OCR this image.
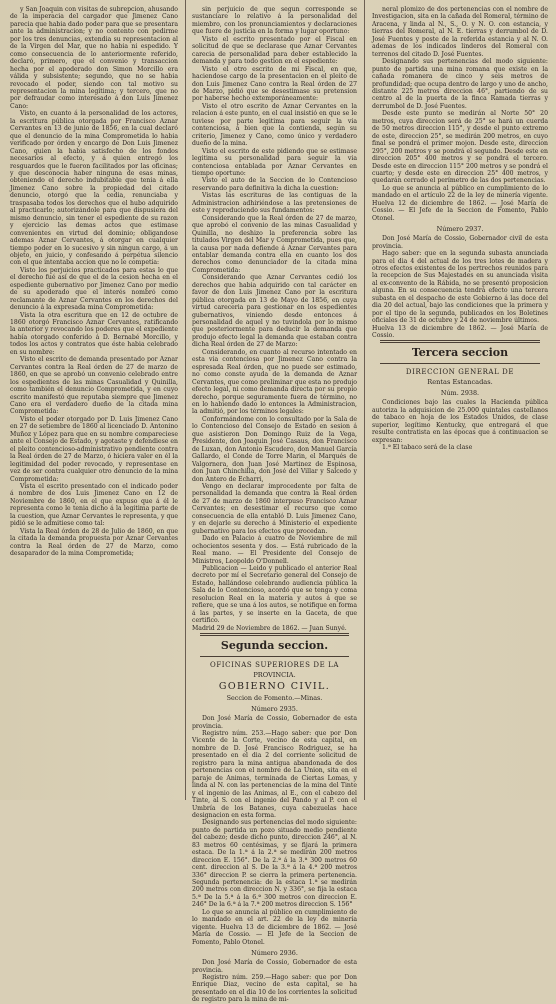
y San Joaquin con visitas de subrepcion, ahusando de la imperacia del cargador que Jimenez Cano parecia que habia dado poder para que se presentara ante la administracion; y no contento con pedirme por los tres denuncias, extendia su representacion al de la Virgen del Mar, que no habia ni espedido. Y como consecuencia de lo anteriormente referido, declaró, primero, que el convenio y transaccion hecha por el apoderado don Simon Morcillo era válida y subsistente; segundo, que no se habia revocado el poder, siendo con tal motivo su representacion la mina legítima; y tercero, que no por defraudar como interesado á don Luis Jimenez Cano:

Visto, en cuanto á la personalidad de los actores, la escritura pública otorgada por Francisco Aznar Cervantes en 13 de junio de 1856, en la cual declaró que el denuncio de la mina Comprometida lo habia verificado por órden y encargo de Don Luis Jimenez Cano, quien la habia satisfecho de los fondos necesarios al efecto, y á quien entregó los resguardos que le fueron facilitados por las oficinas; y que desconocia haber ninguna de esas minas, obteniendo el derecho indubitable que tenia á ella Jimenez Cano sobre la propiedad del citado denuncio, otorgó que la cedia, renunciaba y traspasaba todos los derechos que el hubo adquirido al practicarlo; autorizándole para que dispusiera del mismo denuncio, sin tener el espediente de su razon y ejercicio las demas actos que estimase convenientes en virtud del dominio; obligandose ademas Aznar Cervantes, á otorgar en cualquier tiempo poder en lo sucesivo y sin ningun cargo, á un objeto, en juicio, y confesando á perpétua silencio con el que intentaba accion que no le competia:

Visto los perjuicios practicados para estas lo que el derecho fué así de que el de la cesion hecha en el espediente gubernativo por Jimenez Cano por medio de su apoderado que el interés nombró como reclamante de Aznar Cervantes en los derechos del denuncio á la expresada mina Comprometida:

Vista la otra escritura que en 12 de octubre de 1860 otorgó Francisco Aznar Cervantes, ratificando la anterior y revocando los poderes que el expediente había otorgado conferido á D. Bernabé Morcillo, y todos los actos y contratos que éste habia celebrado en su nombre:

Visto el escrito de demanda presentado por Aznar Cervantes contra la Real órden de 27 de marzo de 1860, en que se aprobó un convenio celebrado entre los espedientes de las minas Casualidad y Quinilla, como también el denuncio Comprometida, y en cuyo escrito manifestó que reputaba siempre que Jimenez Cano era el verdadero dueño de la citada mina Comprometida:

Visto el poder otorgado por D. Luis Jimenez Cano en 27 de setiembre de 1860 al licenciado D. Antonino Muñoz y López para que en su nombre compareciese ante el Consejo de Estado, y agotaste y defendiese en el pleito contencioso-administrativo pendiente contra la Real órden de 27 de Marzo, ó hiciera valer en él la legitimidad del poder revocado, y representase en vez de ser contra cualquier otro denuncio de la mina Comprometida:

Vista el escrito presentado con el indicado poder á nombre de dos Luis Jimenez Cano en 12 de Noviembre de 1860, en el que expuso que á él le representa como le tenia dicho á la legitima parte de la cuestion, que Aznar Cervantes le representa, y que pidió se le admitiese como tal:

Vista la Real órden de 28 de Julio de 1860, en que la citada la demanda propuesta por Aznar Cervantes contra la Real órden de 27 de Marzo, como desaparador de la mina Comprometida;

sin perjuicio de que segun corresponde se sustanciare lo relativo á la personalidad del miembro, con los pronunciamientos y declaraciones que fuere de justicia en la forma y lugar oportuno:

Visto el escrito presentado por el Fiscal en solicitud de que se declarase que Aznar Cervantes carecia de personalidad para deber establecido la demanda y para todo gestion en el espediente:

Visto el otro escrito de mi Fiscal, en que, haciendose cargo de la presentacion en el pleito de don Luis Jimenez Cano contra la Real órden de 27 de Marzo, pidió que se desestimase su pretension por haberse hecho extemporáneamente:

Visto el otro escrito de Aznar Cervantes en la relacion á este punto, en el cual insistió en que se le tuviese por parte legitima para seguir la via contenciosa, á bien que la contienda, según su criterio, Jimenez y Cano, como único y verdadero dueño de la mina.

Visto el escrito de este pidiendo que se estimase legitima su personalidad para seguir la via contenciosa entablada por Aznar Cervantes en tiempo oportuno:

Visto el auto de la Seccion de lo Contencioso reservando para definitiva la dicha la cuestion:

Vistas las escrituras de las contiguas de la Administracion adhiriéndose a las pretensiones de este y reproduciendo sus fundamentos:

Considerando que la Real órden de 27 de marzo, que aprobó el convenio de las minas Casualidad y Quinilla, no deshizo la preferencia sobre las titulados Virgen del Mar y Comprometida, pues que, la causa por nada defiende á Aznar Cervantes para entablar demanda contra ella en cuanto los dos derechos como denunciador de la citada mina Comprometida:

Considerando que Aznar Cervantes cedió los derechos que habia adquirido con tal carácter en favor de don Luis Jimenez Cano por la escritura pública otorgada en 13 de Mayo de 1856, en cuya virtud careceria para gestionar en los espedientes gubernativos, viniendo desde entonces á personalidad de aquel y no tuvindola por lo mismo que posteriormente para deducir la demanda que produjo efecto legal la demanda que estaban contra dicha Real órden de 27 de Marzo:

Considerando, en cuanto al recurso intentado en esta via contenciosa por Jimenez Cano contra la espresada Real órden, que no puede ser estimado, no como conste ayuda de la demanda de Aznar Cervantes, que como preliminar que esta no produjo efecto legal, ni como demanda directa por su propio derecho, porque seguramente fuera de término, no en lo habiendo dado lo entonces la Administracion, la admitió, por los términos legales:

Conformándome con lo consultado por la Sala de lo Contencioso del Consejo de Estado en sesion á que asistieron Don Domingo Ruiz de la Vega, Presidente, don Joaquin José Casaus, don Francisco de Luxan, don Antonio Escudero, don Manuel García Gallardo, el Conde de Torre Marin, el Marqués de Valgornera, don Juan José Martinez de Espinosa, don Juan Chinchilla, don José del Villar y Salcedo y don Antero de Echarri,

Vengo en declarar improcedente por falta de personalidad la demanda que contra la Real órden de 27 de marzo de 1860 interpuso Francisco Aznar Cervantes; en desestimar el recurso que como consecuencia de ella entabló D. Luis Jimenez Cano, y en dejarle su derecho á Ministerio el expediente gubernativo para los efectos que procedan.

Dado en Palacio á cuatro de Noviembre de mil ochocientos sesenta y dos. — Está rubricado de la Real mano. — El Presidente del Consejo de Ministros, Leopoldo O'Donnell.

Publicacion — Leido y publicado el anterior Real decreto por mí el Secretario general del Consejo de Estado, hallándose celebrando audiencia pública la Sala de lo Contencioso, acordó que se tenga y coma resolucion Real en la materia y autos á que se refiere, que se una á los autos, se notifique en forma á las partes, y se inserte en la Gaceta, de que certifico.

Madrid 29 de Noviembre de 1862. — Juan Sunyé.

Segunda seccion.
OFICINAS SUPERIORES DE LA
PROVINCIA.
GOBIERNO CIVIL.
Seccion de Fomento.—Minas.
Número 2935.

Don José María de Cossio, Gobernador de esta provincia.

Registro núm. 253.—Hago saber: que por Don Vicente de la Corte, vecino de esta capital, en nombre de D. José Francisco Rodriguez, se ha presentado en el dia 2 del corriente solicitud de registro para la mina antigua abandonada de dos pertenencias con el nombre de La Union, sita en el paraje de Animas, terminada de Ciertas Lomas, y linda al N. con las pertenencias de la mina del Tinte y el ingenio de las Animas, al E., con el cabezo del Tinte, al S. con el ingenio del Pando y al P. con el Umbría de los Batanes, cuya cabezuelas hace designacion en esta forma.

Designando sus pertenencias del modo siguiente: punto de partida un pozo situado medio pendiente del cabezo; desde dicho punto, direccion 246°, al N. 83 metros 60 centésimas, y se fijará la primera estaca. De la 1.ª á la 2.ª se medirán 200 metros direccion E. 156°. De la 2.ª á la 3.ª 300 metros 60 cent. direccion al S. De la 3.ª á la 4.ª 200 metros 336° direccion P. se cierra la primera pertenencia. Segunda pertenencia: de la estaca 1.ª se medirán 200 metros con direccion N. y 336°, se fija la estaca 5.ª De la 5.ª á la 6.ª 300 metros con direccion E. 246° De la 6.ª á la 7.ª 200 metros direccion S. 156°

Lo que se anuncia al público en cumplimiento de lo mandado en el art. 22 de la ley de minería vigente. Huelva 13 de diciembre de 1862. — José María de Cossio. — El Jefe de la Seccion de Fomento, Pablo Otonel.

Número 2936.

Don José María de Cossio, Gobernador de esta provincia.

Registro núm. 259.—Hago saber: que por Don Enrique Diaz, vecino de esta capital, se ha presentado en el dia 10 de los corrientes la solicitud de registro para la mina de mi-

neral plomizo de dos pertenencias con el nombre de Investigacion, sita en la cañada del Romeral, término de Aracena, y linda al N., S., O. y N. O. con estancia, y tierras del Romeral, al N. E. tierras y derrumbol de D. José Fuentes y poste de la referida estancia y al N. O. ademas de los indicados linderos del Romeral con terrenos del citado D. José Fuentes.

Designando sus pertenencias del modo siguiente: punto de partida una mina romana que existe en la cañada romanera de cinco y seis metros de profundidad; que ocupa dentro de largo y uno de ancho, distante 225 metros direccion 46°, partiendo de su centro al de la puerta de la finca Ramada tierras y derrumbol de D. José Fuentes.

Desde este punto se medirán al Norte 50° 20 metros, cuya direccion será de 25° se hará un cuerda de 50 metros direccion 115°, y desde el punto extremo de este, direccion 25°, se medirán 200 metros, en cuyo final se pondrá el primer mojon. Desde este, direccion 295°, 200 metros y se pondrá el segundo. Desde este en direccion 205° 400 metros y se pondrá el tercero. Desde este en direccion 115° 200 metros y se pondrá el cuarto; y desde este en direccion 25° 400 metros, y quedarán cerrado el perímetro de las dos pertenencias.

Lo que se anuncia al público en cumplimiento de lo mandado en el artículo 22 de la ley de minería vigente. Huelva 12 de diciembre de 1862. — José María de Cossio. — El Jefe de la Seccion de Fomento, Pablo Otonel.

Número 2937.

Don José María de Cossio, Gobernador civil de esta provincia.

Hago saber: que en la segunda subasta anunciada para el dia 4 del actual de los tres lotes de madera y otros efectos existentes de los pertrechos reunidos para la recepcion de Sus Majestades en su anunciada visita al ex-convento de la Rábida, no se presentó proposicion alguna. En su consecuencia tendrá efecto una tercera subasta en el despacho de este Gobierno á las doce del dia 20 del actual, bajo las condiciones que la primera y por el tipo de la segunda, publicados en los Boletines oficiales de 31 de octubre y 24 de noviembre últimos.

Huelva 13 de diciembre de 1862. — José María de Cossio.

Tercera seccion
DIRECCION GENERAL DE
Rentas Estancadas.
Núm. 2938.

Condiciones bajo las cuales la Hacienda pública autoriza la adquisicion de 25.000 quintales castellanos de tabaco en hoja de los Estados Unidos, de clase superior, legítimo Kentucky, que entregará el que resulte contratista en las épocas que á continuacion se expresan:

1.ª El tabaco será de la clase
